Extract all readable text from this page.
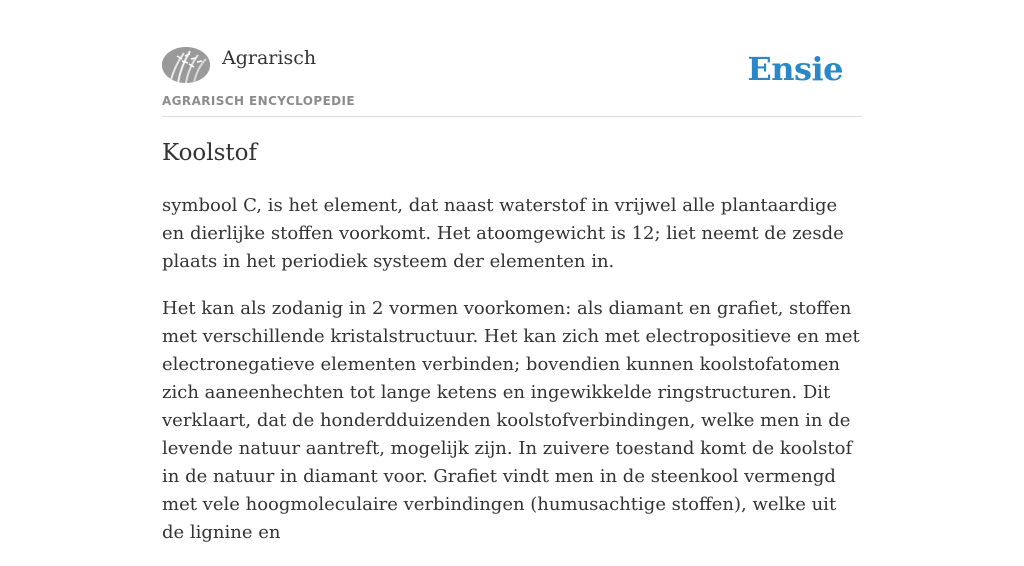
Agrarisch
AGRARISCH ENCYCLOPEDIE
Ensie
Koolstof

symbool C, is het element, dat naast waterstof in vrijwel alle plantaardige en dierlijke stoffen voorkomt. Het atoomgewicht is 12; liet neemt de zesde plaats in het periodiek systeem der elementen in.

Het kan als zodanig in 2 vormen voorkomen: als diamant en grafiet, stoffen met verschillende kristalstructuur. Het kan zich met electropositieve en met electronegatieve elementen verbinden; bovendien kunnen koolstofatomen zich aaneenhechten tot lange ketens en ingewikkelde ringstructuren. Dit verklaart, dat de honderdduizenden koolstofverbindingen, welke men in de levende natuur aantreft, mogelijk zijn. In zuivere toestand komt de koolstof in de natuur in diamant voor. Grafiet vindt men in de steenkool vermengd met vele hoogmoleculaire verbindingen (humusachtige stoffen), welke uit de lignine en
